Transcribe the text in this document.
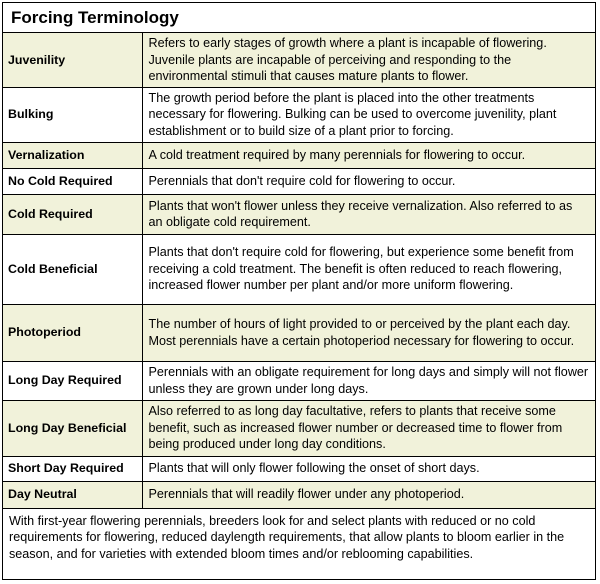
Forcing Terminology
Juvenility	Refers to early stages of growth where a plant is incapable of flowering. Juvenile plants are incapable of perceiving and responding to the environmental stimuli that causes mature plants to flower.
Bulking	The growth period before the plant is placed into the other treatments necessary for flowering. Bulking can be used to overcome juvenility, plant establishment or to build size of a plant prior to forcing.
Vernalization	A cold treatment required by many perennials for flowering to occur.
No Cold Required	Perennials that don't require cold for flowering to occur.
Cold Required	Plants that won't flower unless they receive vernalization. Also referred to as an obligate cold requirement.
Cold Beneficial	Plants that don't require cold for flowering, but experience some benefit from receiving a cold treatment. The benefit is often reduced to reach flowering, increased flower number per plant and/or more uniform flowering.
Photoperiod	The number of hours of light provided to or perceived by the plant each day. Most perennials have a certain photoperiod necessary for flowering to occur.
Long Day Required	Perennials with an obligate requirement for long days and simply will not flower unless they are grown under long days.
Long Day Beneficial	Also referred to as long day facultative, refers to plants that receive some benefit, such as increased flower number or decreased time to flower from being produced under long day conditions.
Short Day Required	Plants that will only flower following the onset of short days.
Day Neutral	Perennials that will readily flower under any photoperiod.
With first-year flowering perennials, breeders look for and select plants with reduced or no cold requirements for flowering, reduced daylength requirements, that allow plants to bloom earlier in the season, and for varieties with extended bloom times and/or reblooming capabilities.
